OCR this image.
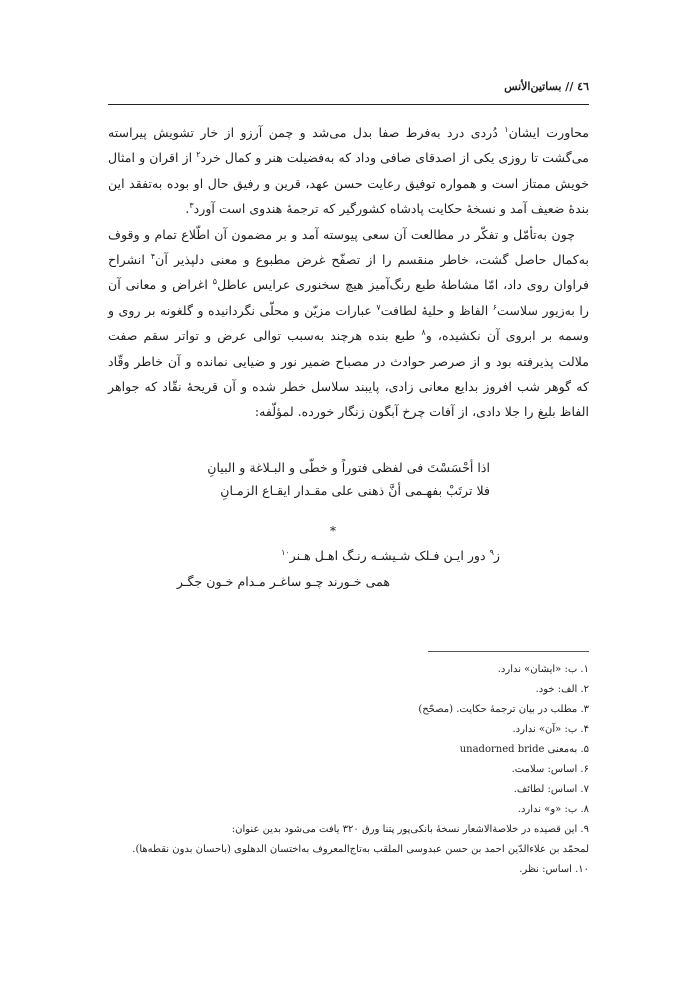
٤٦ // بساتين‌الأنس

محاورت ایشان$^۱$ دُردی درد به‌فرط صفا بدل می‌شد و چمن آرزو از خار تشویش پیراسته می‌گشت تا روزی یکی از اصدقای صافی وداد که به‌فضیلت هنر و کمال خرد$^۲$ از اقران و امثال خویش ممتاز است و همواره توفیق رعایت حسن عهد، قرین و رفیق حال او بوده به‌تفقد این بندهٔ ضعیف آمد و نسخهٔ حکایت پادشاه کشورگیر که ترجمهٔ هندوی است آورد$^۳$.

چون به‌تأمّل و تفکّر در مطالعت آن سعی پیوسته آمد و بر مضمون آن اطّلاع تمام و وقوف به‌کمال حاصل گشت، خاطر منقسم را از تصفّح غرض مطبوع و معنی دلپذیر آن$^۴$ انشراح فراوان روی داد، امّا مشاطهٔ طبع رنگ‌آمیز هیچ سخنوری عرایس عاطل$^۵$ اغراض و معانی آن را به‌زیور سلاست$^۶$ الفاظ و حلیهٔ لطافت$^۷$ عبارات مزیّن و محلّی نگردانیده و گلغونه بر روی و وسمه بر ابروی آن نکشیده، و$^۸$ طبع بنده هرچند به‌سبب توالی عرض و تواتر سقم صفت ملالت پذیرفته بود و از صرصر حوادث در مصباح ضمیر نور و ضیایی نمانده و آن خاطر وقّاد که گوهر شب افروز بدایع معانی زادی، پایبند سلاسل خطر شده و آن قریحهٔ نقّاد که جواهر الفاظ بلیغ را جلا دادی، از آفات چرخ آبگون زنگار خورده. لمؤلّفه:

اذا أحْسَسْتَ فی لفظی فتوراً و خطّی و البـلاغة و البیانِ
فلا ترتَبْ بفهـمی أنَّ ذهنی علی مقـدار ایقـاع الزمـانِ
*
ز$^۹$ دور ایـن فـلک شـیشـه رنـگ اهـل هـنر$^{۱۰}$
همی خـورند چـو ساغـر مـدام خـون جگـر
۱. ب: «ایشان» ندارد.
۲. الف: خود.
۳. مطلب در بیان ترجمهٔ حکایت. (مصحّح)
۴. ب: «آن» ندارد.
۵. به‌معنی unadorned bride
۶. اساس: سلامت.
۷. اساس: لطائف.
۸. ب: «و» ندارد.
۹. این قصیده در خلاصة‌الاشعار نسخهٔ بانکی‌پور پتنا ورق ۳۲۰ یافت می‌شود بدین عنوان:
لمحمّد بن علاءالدّین احمد بن حسن عبدوسی الملقب به‌تاج‌المعروف به‌اختسان الدهلوی (باحسان بدون نقطه‌ها).
۱۰. اساس: نظر.
